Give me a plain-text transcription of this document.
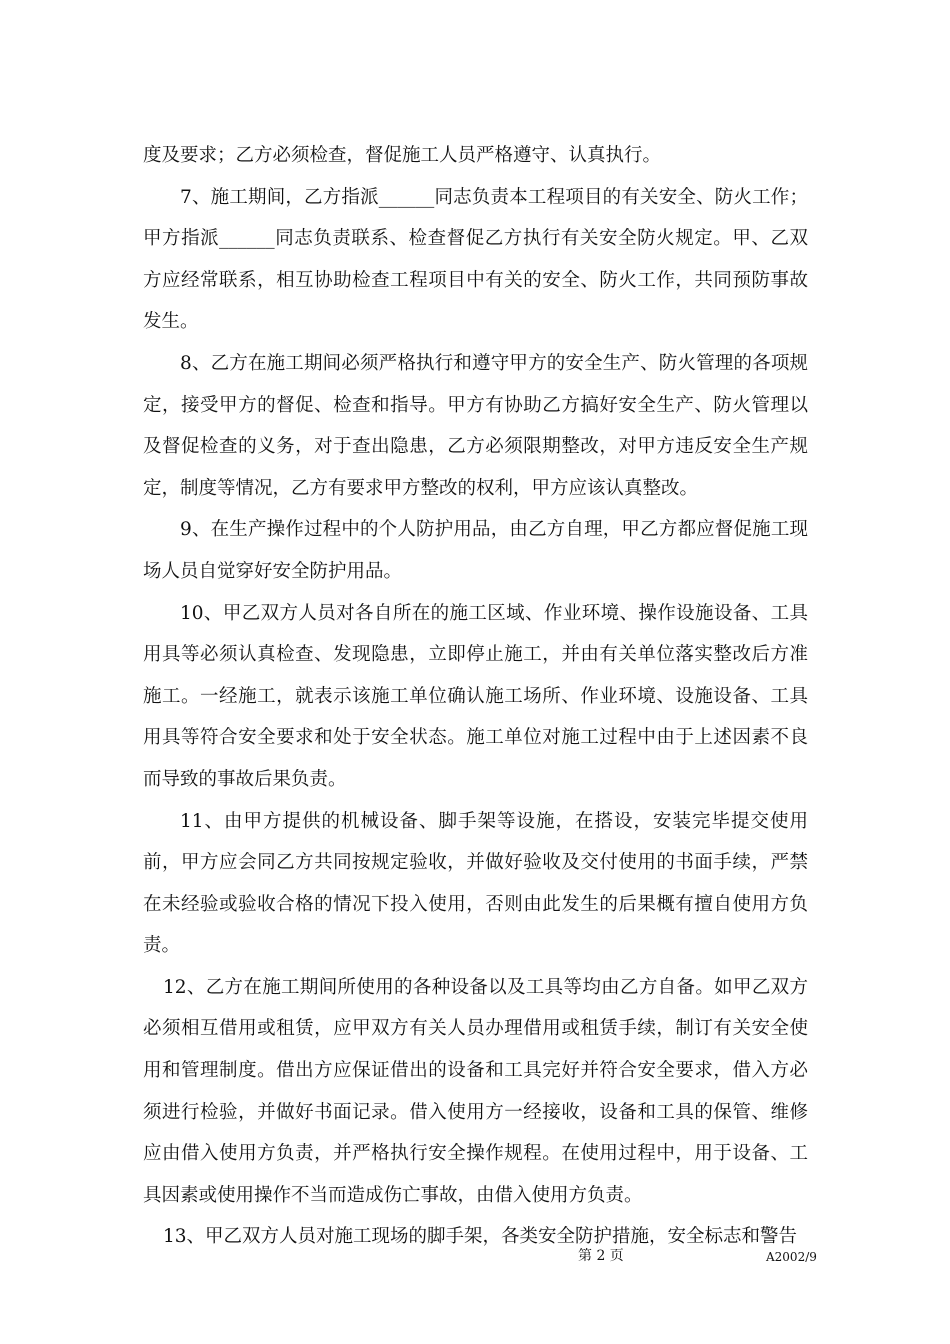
度及要求；乙方必须检查，督促施工人员严格遵守、认真执行。

7、施工期间，乙方指派______同志负责本工程项目的有关安全、防火工作；甲方指派______同志负责联系、检查督促乙方执行有关安全防火规定。甲、乙双方应经常联系，相互协助检查工程项目中有关的安全、防火工作，共同预防事故发生。

8、乙方在施工期间必须严格执行和遵守甲方的安全生产、防火管理的各项规定，接受甲方的督促、检查和指导。甲方有协助乙方搞好安全生产、防火管理以及督促检查的义务，对于查出隐患，乙方必须限期整改，对甲方违反安全生产规定，制度等情况，乙方有要求甲方整改的权利，甲方应该认真整改。

9、在生产操作过程中的个人防护用品，由乙方自理，甲乙方都应督促施工现场人员自觉穿好安全防护用品。

10、甲乙双方人员对各自所在的施工区域、作业环境、操作设施设备、工具用具等必须认真检查、发现隐患，立即停止施工，并由有关单位落实整改后方准施工。一经施工，就表示该施工单位确认施工场所、作业环境、设施设备、工具用具等符合安全要求和处于安全状态。施工单位对施工过程中由于上述因素不良而导致的事故后果负责。

11、由甲方提供的机械设备、脚手架等设施，在搭设，安装完毕提交使用前，甲方应会同乙方共同按规定验收，并做好验收及交付使用的书面手续，严禁在未经验或验收合格的情况下投入使用，否则由此发生的后果概有擅自使用方负责。

12、乙方在施工期间所使用的各种设备以及工具等均由乙方自备。如甲乙双方必须相互借用或租赁，应甲双方有关人员办理借用或租赁手续，制订有关安全使用和管理制度。借出方应保证借出的设备和工具完好并符合安全要求，借入方必须进行检验，并做好书面记录。借入使用方一经接收，设备和工具的保管、维修应由借入使用方负责，并严格执行安全操作规程。在使用过程中，用于设备、工具因素或使用操作不当而造成伤亡事故，由借入使用方负责。

13、甲乙双方人员对施工现场的脚手架，各类安全防护措施，安全标志和警告

第 2 页	A2002/9
